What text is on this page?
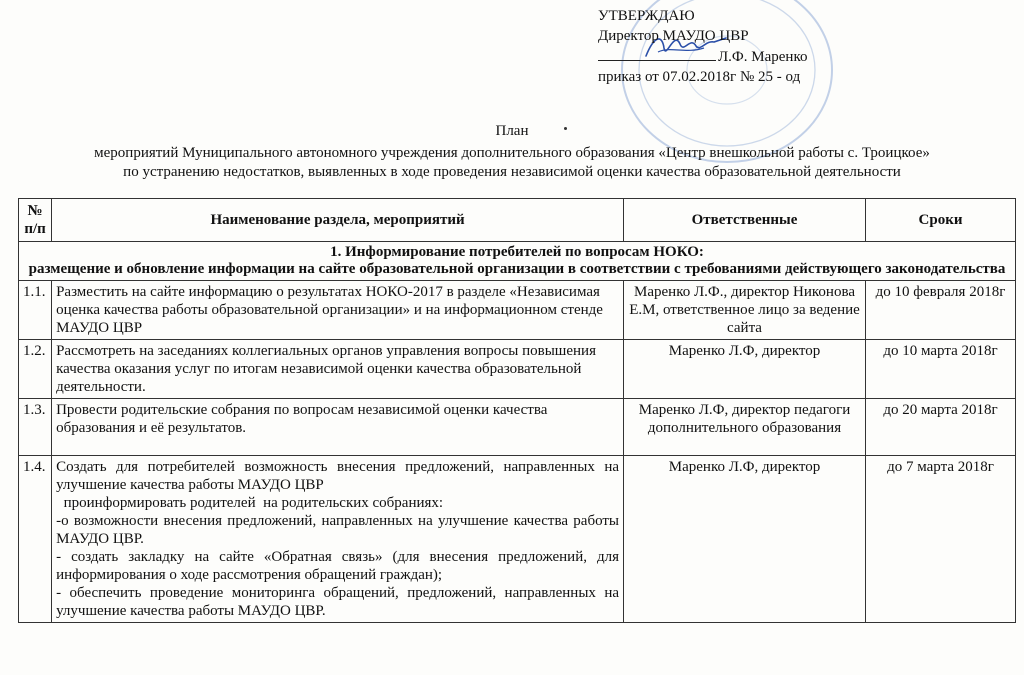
УТВЕРЖДАЮ
Директор МАУДО ЦВР
Л.Ф. Маренко
приказ от 07.02.2018г № 25 - од
План
мероприятий Муниципального автономного учреждения дополнительного образования «Центр внешкольной работы с. Троицкое»
по устранению недостатков, выявленных в ходе проведения независимой оценки качества образовательной деятельности
№ п/п	Наименование раздела, мероприятий	Ответственные	Сроки

1. Информирование потребителей по вопросам НОКО:
размещение и обновление информации на сайте образовательной организации в соответствии с требованиями действующего законодательства			

1.1.	Разместить на сайте информацию о результатах НОКО-2017 в разделе «Независимая оценка качества работы образовательной организации» и на информационном стенде МАУДО ЦВР	Маренко Л.Ф., директор Никонова Е.М, ответственное лицо за ведение сайта	до 10 февраля 2018г
1.2.	Рассмотреть на заседаниях коллегиальных органов управления вопросы повышения качества оказания услуг по итогам независимой оценки качества образовательной деятельности.	Маренко Л.Ф, директор	до 10 марта 2018г
1.3.	Провести родительские собрания по вопросам независимой оценки качества образования и её результатов.	Маренко Л.Ф, директор педагоги дополнительного образования	до 20 марта 2018г
1.4.	Создать для потребителей возможность внесения предложений, направленных на улучшение качества работы МАУДО ЦВР
проинформировать родителей  на родительских собраниях:
-о возможности внесения предложений, направленных на улучшение качества работы МАУДО ЦВР.
- создать закладку на сайте «Обратная связь» (для внесения предложений, для информирования о ходе рассмотрения обращений граждан);
- обеспечить проведение мониторинга обращений, предложений, направленных на улучшение качества работы МАУДО ЦВР.	Маренко Л.Ф, директор	до 7 марта 2018г
